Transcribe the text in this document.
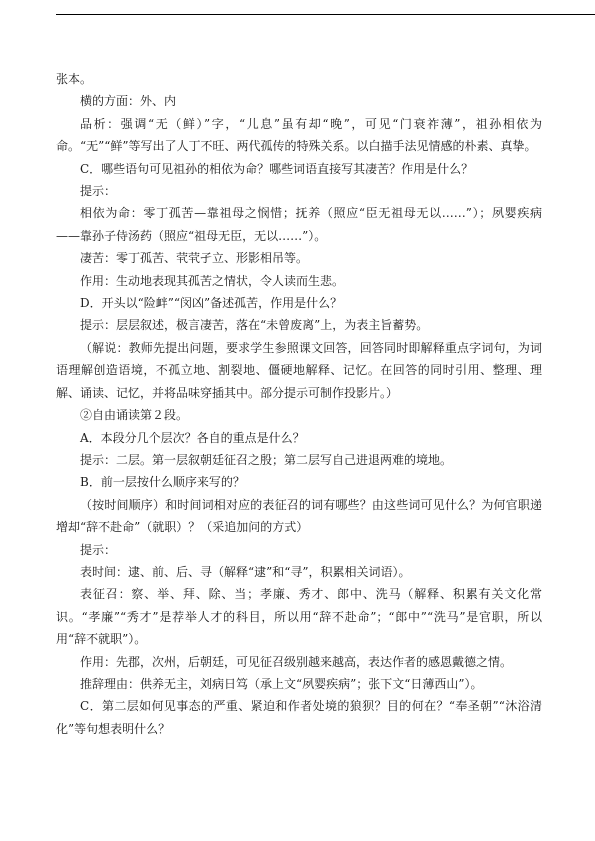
张本。

横的方面：外、内

品析：强调“无（鲜）”字，“儿息”虽有却“晚”，可见“门衰祚薄”，祖孙相依为命。“无”“鲜”等写出了人丁不旺、两代孤传的特殊关系。以白描手法见情感的朴素、真挚。

C．哪些语句可见祖孙的相依为命？哪些词语直接写其凄苦？作用是什么？

提示：

相依为命：零丁孤苦—靠祖母之悯惜；抚养（照应“臣无祖母无以……”）；夙婴疾病——靠孙子侍汤药（照应“祖母无臣，无以……”）。

凄苦：零丁孤苦、茕茕孑立、形影相吊等。

作用：生动地表现其孤苦之情状，令人读而生悲。

D．开头以“险衅”“闵凶”备述孤苦，作用是什么？

提示：层层叙述，极言凄苦，落在“未曾废离”上，为表主旨蓄势。

（解说：教师先提出问题，要求学生参照课文回答，回答同时即解释重点字词句，为词语理解创造语境，不孤立地、割裂地、僵硬地解释、记忆。在回答的同时引用、整理、理解、诵读、记忆，并将品味穿插其中。部分提示可制作投影片。）

②自由诵读第２段。

A．本段分几个层次？各自的重点是什么？

提示：二层。第一层叙朝廷征召之殷；第二层写自己进退两难的境地。

B．前一层按什么顺序来写的？

（按时间顺序）和时间词相对应的表征召的词有哪些？由这些词可见什么？为何官职递增却“辞不赴命”（就职）？（采追加问的方式）

提示：

表时间：逮、前、后、寻（解释“逮”和“寻”，积累相关词语）。

表征召：察、举、拜、除、当；孝廉、秀才、郎中、洗马（解释、积累有关文化常识。“孝廉”“秀才”是荐举人才的科目，所以用“辞不赴命”；“郎中”“洗马”是官职，所以用“辞不就职”）。

作用：先郡，次州，后朝廷，可见征召级别越来越高，表达作者的感恩戴德之情。

推辞理由：供养无主，刘病日笃（承上文“夙婴疾病”；张下文“日薄西山”）。

C．第二层如何见事态的严重、紧迫和作者处境的狼狈？目的何在？“奉圣朝”“沐浴清化”等句想表明什么？
